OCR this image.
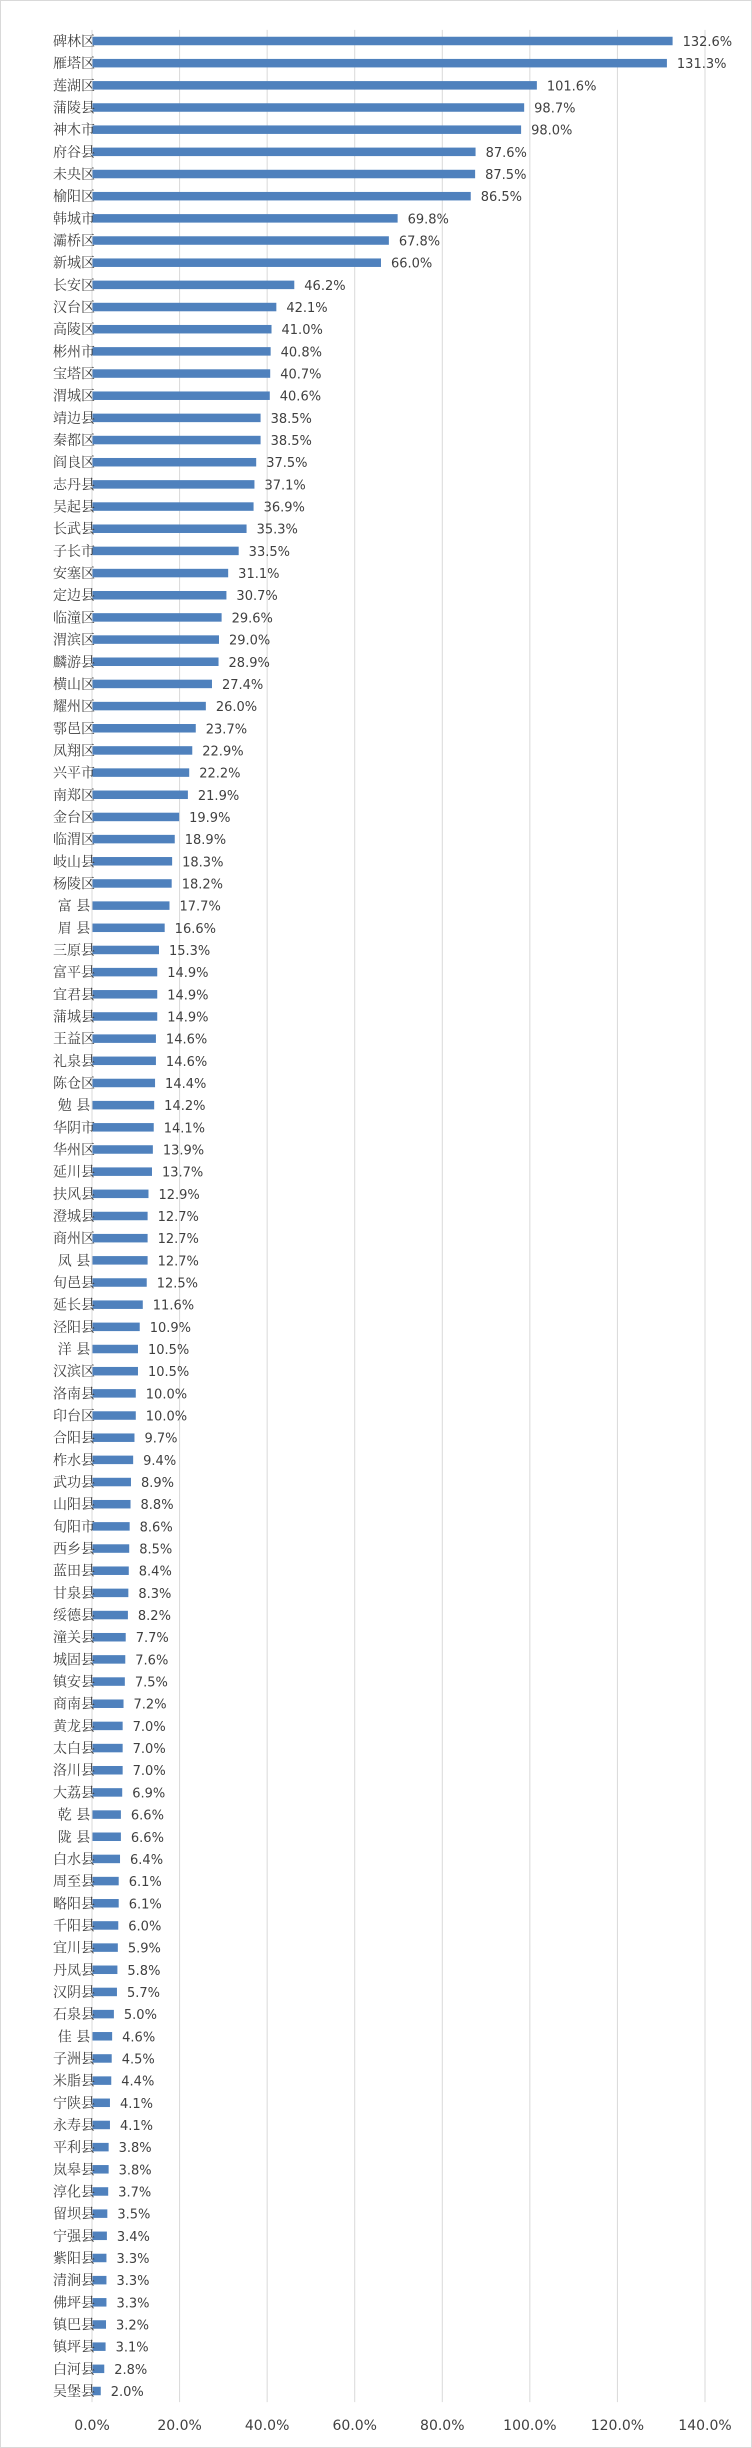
碑林区
雁塔区
莲湖区
蒲陵县
神木市
府谷县
未央区
榆阳区
韩城市
灞桥区
新城区
长安区
汉台区
高陵区
彬州市
宝塔区
渭城区
靖边县
秦都区
阎良区
志丹县
吴起县
长武县
子长市
安塞区
定边县
临潼区
渭滨区
麟游县
横山区
耀州区
鄠邑区
凤翔区
兴平市
南郑区
金台区
临渭区
岐山县
杨陵区
富 县
眉 县
三原县
富平县
宜君县
蒲城县
王益区
礼泉县
陈仓区
勉 县
华阴市
华州区
延川县
扶风县
澄城县
商州区
凤 县
旬邑县
延长县
泾阳县
洋 县
汉滨区
洛南县
印台区
合阳县
柞水县
武功县
山阳县
旬阳市
西乡县
蓝田县
甘泉县
绥德县
潼关县
城固县
镇安县
商南县
黄龙县
太白县
洛川县
大荔县
乾 县
陇 县
白水县
周至县
略阳县
千阳县
宜川县
丹凤县
汉阴县
石泉县
佳 县
子洲县
米脂县
宁陕县
永寿县
平利县
岚皋县
淳化县
留坝县
宁强县
紫阳县
清涧县
佛坪县
镇巴县
镇坪县
白河县
吴堡县
132.6%
131.3%
101.6%
98.7%
98.0%
87.6%
87.5%
86.5%
69.8%
67.8%
66.0%
46.2%
42.1%
41.0%
40.8%
40.7%
40.6%
38.5%
38.5%
37.5%
37.1%
36.9%
35.3%
33.5%
31.1%
30.7%
29.6%
29.0%
28.9%
27.4%
26.0%
23.7%
22.9%
22.2%
21.9%
19.9%
18.9%
18.3%
18.2%
17.7%
16.6%
15.3%
14.9%
14.9%
14.9%
14.6%
14.6%
14.4%
14.2%
14.1%
13.9%
13.7%
12.9%
12.7%
12.7%
12.7%
12.5%
11.6%
10.9%
10.5%
10.5%
10.0%
10.0%
9.7%
9.4%
8.9%
8.8%
8.6%
8.5%
8.4%
8.3%
8.2%
7.7%
7.6%
7.5%
7.2%
7.0%
7.0%
7.0%
6.9%
6.6%
6.6%
6.4%
6.1%
6.1%
6.0%
5.9%
5.8%
5.7%
5.0%
4.6%
4.5%
4.4%
4.1%
4.1%
3.8%
3.8%
3.7%
3.5%
3.4%
3.3%
3.3%
3.3%
3.2%
3.1%
2.8%
2.0%
0.0%	20.0%	40.0%	60.0%	80.0%	100.0% 120.0% 140.0%
